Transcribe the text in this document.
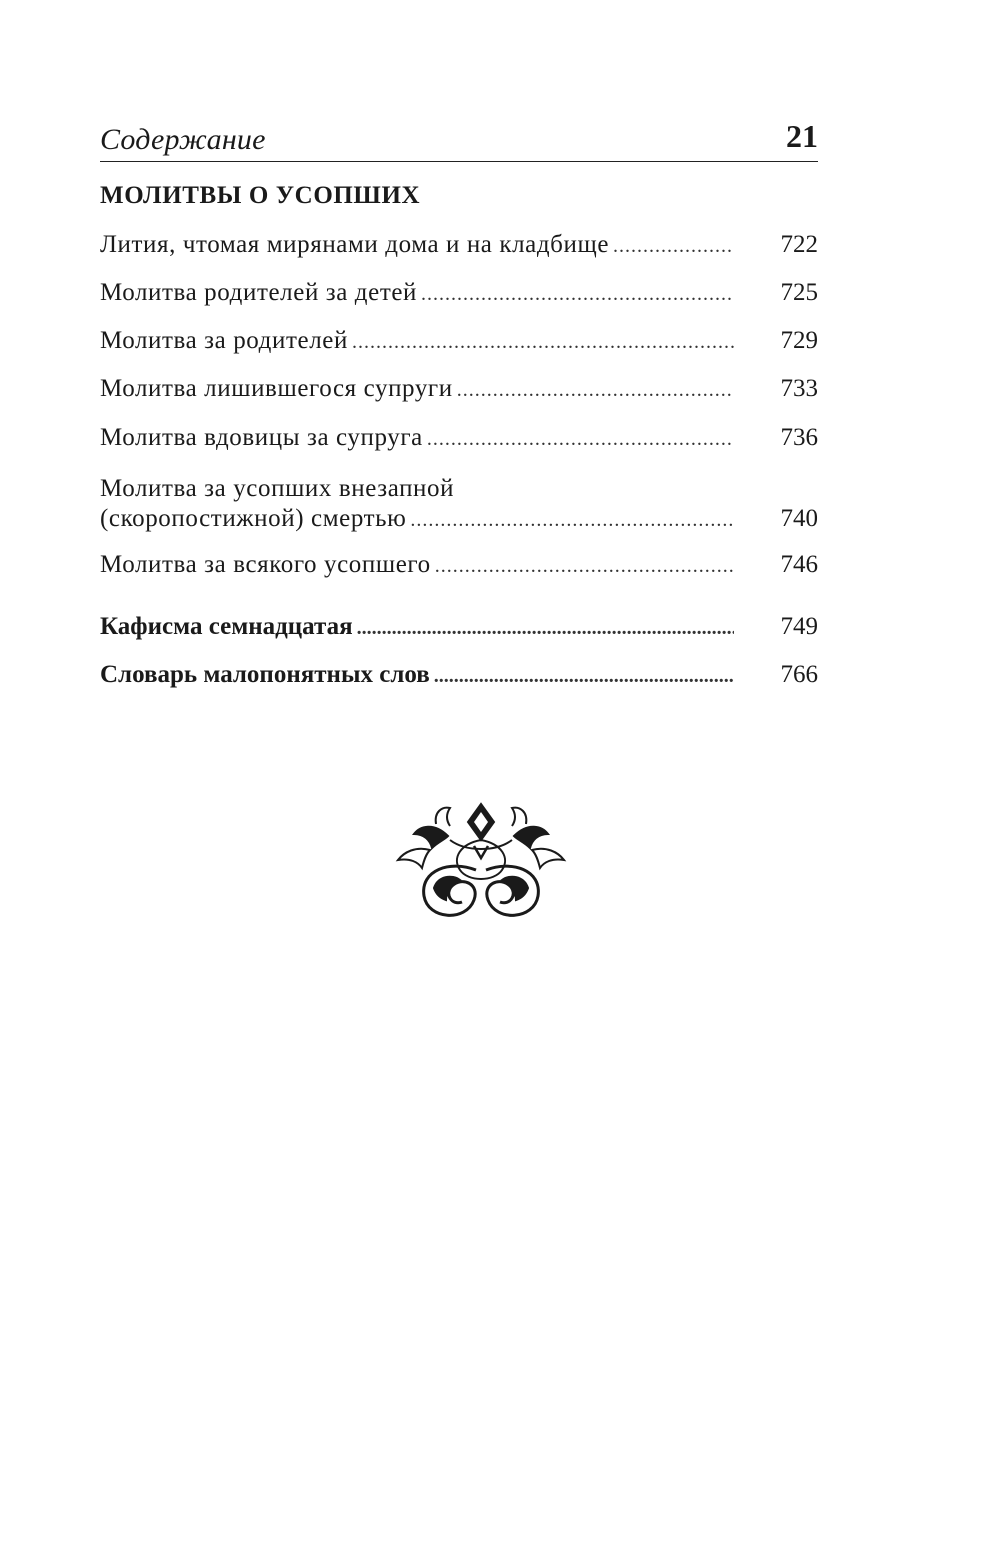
Содержание	21
МОЛИТВЫ О УСОПШИХ
Лития, чтомая мирянами дома и на кладбище .....	722
Молитва родителей за детей .....	725
Молитва за родителей .....	729
Молитва лишившегося супруги .....	733
Молитва вдовицы за супруга .....	736
Молитва за усопших внезапной
(скоропостижной) смертью .....	740
Молитва за всякого усопшего .....	746
Кафисма семнадцатая .....	749
Словарь малопонятных слов .....	766
